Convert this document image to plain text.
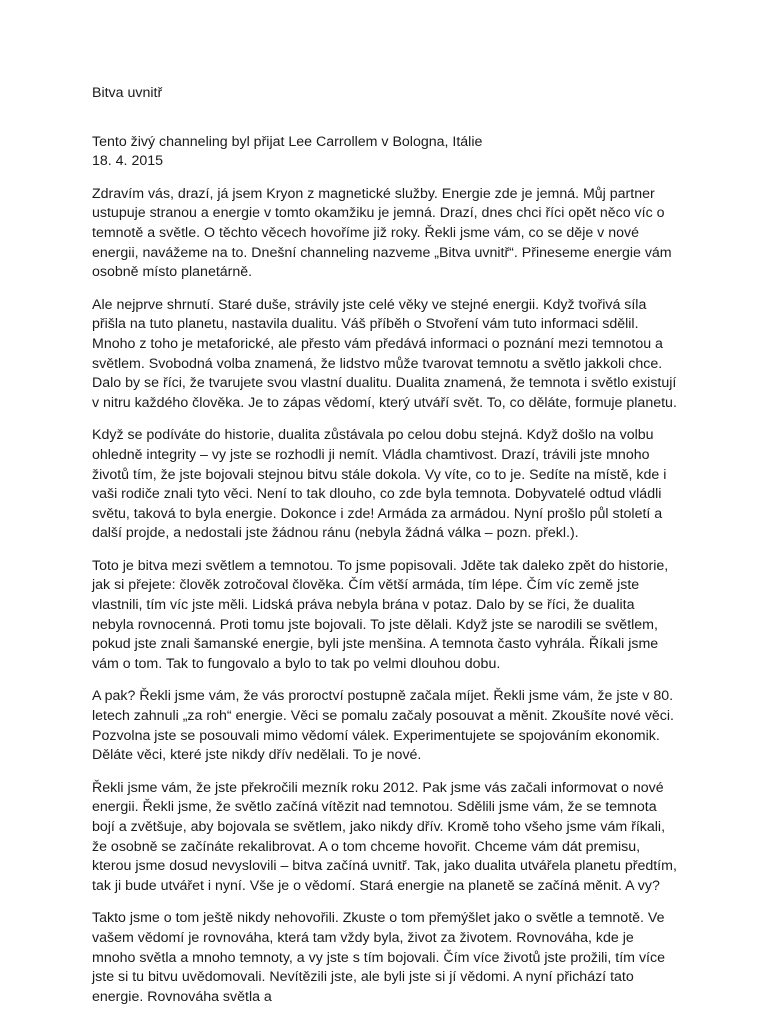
Bitva uvnitř
Tento živý channeling byl přijat Lee Carrollem v Bologna, Itálie
18. 4. 2015

Zdravím vás, drazí, já jsem Kryon z magnetické služby. Energie zde je jemná. Můj partner ustupuje stranou a energie v tomto okamžiku je jemná. Drazí, dnes chci říci opět něco víc o temnotě a světle. O těchto věcech hovoříme již roky. Řekli jsme vám, co se děje v nové energii, navážeme na to. Dnešní channeling nazveme „Bitva uvnitř“. Přineseme energie vám osobně místo planetárně.

Ale nejprve shrnutí. Staré duše, strávily jste celé věky ve stejné energii. Když tvořivá síla přišla na tuto planetu, nastavila dualitu. Váš příběh o Stvoření vám tuto informaci sdělil. Mnoho z toho je metaforické, ale přesto vám předává informaci o poznání mezi temnotou a světlem. Svobodná volba znamená, že lidstvo může tvarovat temnotu a světlo jakkoli chce. Dalo by se říci, že tvarujete svou vlastní dualitu. Dualita znamená, že temnota i světlo existují v nitru každého člověka. Je to zápas vědomí, který utváří svět. To, co děláte, formuje planetu.

Když se podíváte do historie, dualita zůstávala po celou dobu stejná. Když došlo na volbu ohledně integrity – vy jste se rozhodli ji nemít. Vládla chamtivost. Drazí, trávili jste mnoho životů tím, že jste bojovali stejnou bitvu stále dokola. Vy víte, co to je. Sedíte na místě, kde i vaši rodiče znali tyto věci. Není to tak dlouho, co zde byla temnota. Dobyvatelé odtud vládli světu, taková to byla energie. Dokonce i zde! Armáda za armádou. Nyní prošlo půl století a další projde, a nedostali jste žádnou ránu (nebyla žádná válka – pozn. překl.).

Toto je bitva mezi světlem a temnotou. To jsme popisovali. Jděte tak daleko zpět do historie, jak si přejete: člověk zotročoval člověka. Čím větší armáda, tím lépe. Čím víc země jste vlastnili, tím víc jste měli. Lidská práva nebyla brána v potaz. Dalo by se říci, že dualita nebyla rovnocenná. Proti tomu jste bojovali. To jste dělali. Když jste se narodili se světlem, pokud jste znali šamanské energie, byli jste menšina. A temnota často vyhrála. Říkali jsme vám o tom. Tak to fungovalo a bylo to tak po velmi dlouhou dobu.

A pak? Řekli jsme vám, že vás proroctví postupně začala míjet. Řekli jsme vám, že jste v 80. letech zahnuli „za roh“ energie. Věci se pomalu začaly posouvat a měnit. Zkoušíte nové věci. Pozvolna jste se posouvali mimo vědomí válek. Experimentujete se spojováním ekonomik. Děláte věci, které jste nikdy dřív nedělali. To je nové.

Řekli jsme vám, že jste překročili mezník roku 2012. Pak jsme vás začali informovat o nové energii. Řekli jsme, že světlo začíná vítězit nad temnotou. Sdělili jsme vám, že se temnota bojí a zvětšuje, aby bojovala se světlem, jako nikdy dřív. Kromě toho všeho jsme vám říkali, že osobně se začínáte rekalibrovat. A o tom chceme hovořit. Chceme vám dát premisu, kterou jsme dosud nevyslovili – bitva začíná uvnitř. Tak, jako dualita utvářela planetu předtím, tak ji bude utvářet i nyní. Vše je o vědomí. Stará energie na planetě se začíná měnit. A vy?

Takto jsme o tom ještě nikdy nehovořili. Zkuste o tom přemýšlet jako o světle a temnotě. Ve vašem vědomí je rovnováha, která tam vždy byla, život za životem. Rovnováha, kde je mnoho světla a mnoho temnoty, a vy jste s tím bojovali. Čím více životů jste prožili, tím více jste si tu bitvu uvědomovali. Nevítězili jste, ale byli jste si jí vědomi. A nyní přichází tato energie. Rovnováha světla a
